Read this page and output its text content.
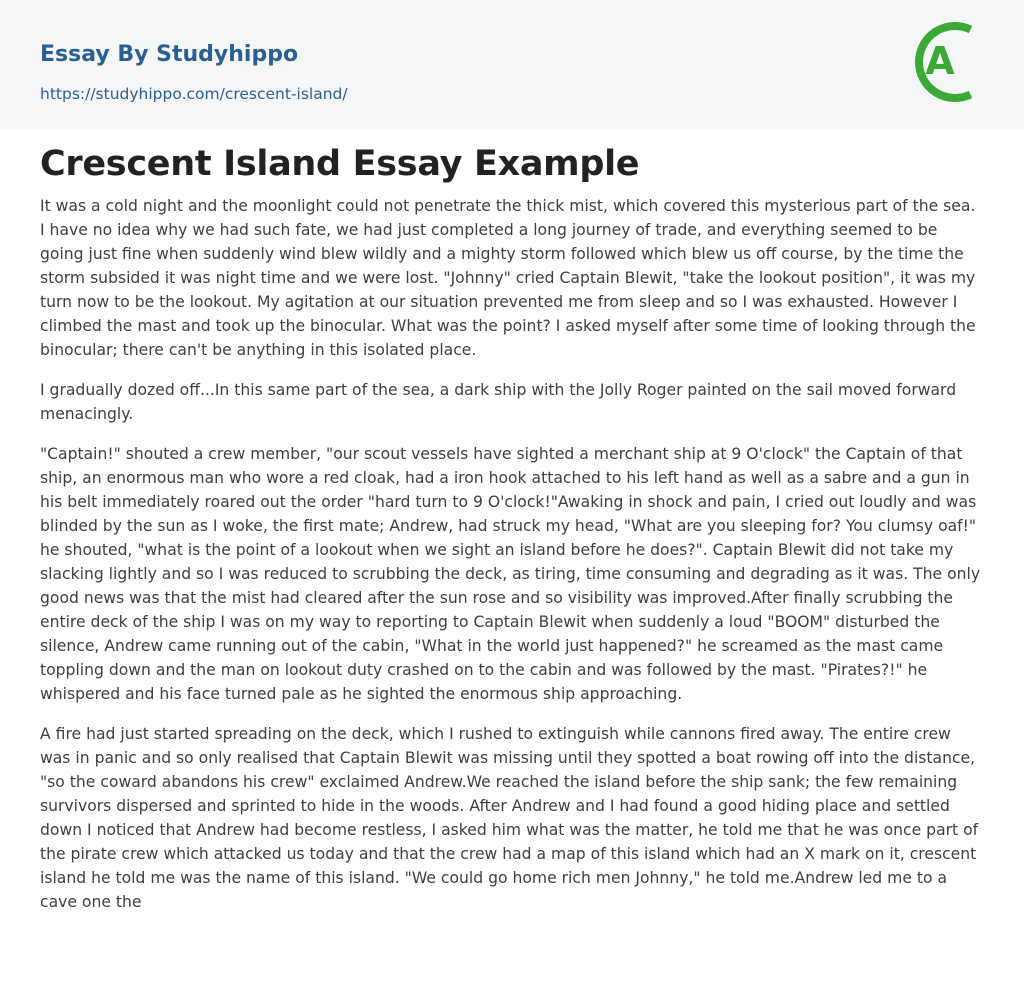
Essay By Studyhippo
https://studyhippo.com/crescent-island/
A
Crescent Island Essay Example

It was a cold night and the moonlight could not penetrate the thick mist, which covered this mysterious part of the sea. I have no idea why we had such fate, we had just completed a long journey of trade, and everything seemed to be going just fine when suddenly wind blew wildly and a mighty storm followed which blew us off course, by the time the storm subsided it was night time and we were lost. "Johnny" cried Captain Blewit, "take the lookout position", it was my turn now to be the lookout. My agitation at our situation prevented me from sleep and so I was exhausted. However I climbed the mast and took up the binocular. What was the point? I asked myself after some time of looking through the binocular; there can't be anything in this isolated place.

I gradually dozed off...In this same part of the sea, a dark ship with the Jolly Roger painted on the sail moved forward menacingly.

"Captain!" shouted a crew member, "our scout vessels have sighted a merchant ship at 9 O'clock" the Captain of that ship, an enormous man who wore a red cloak, had a iron hook attached to his left hand as well as a sabre and a gun in his belt immediately roared out the order "hard turn to 9 O'clock!"Awaking in shock and pain, I cried out loudly and was blinded by the sun as I woke, the first mate; Andrew, had struck my head, "What are you sleeping for? You clumsy oaf!" he shouted, "what is the point of a lookout when we sight an island before he does?". Captain Blewit did not take my slacking lightly and so I was reduced to scrubbing the deck, as tiring, time consuming and degrading as it was. The only good news was that the mist had cleared after the sun rose and so visibility was improved.After finally scrubbing the entire deck of the ship I was on my way to reporting to Captain Blewit when suddenly a loud "BOOM" disturbed the silence, Andrew came running out of the cabin, "What in the world just happened?" he screamed as the mast came toppling down and the man on lookout duty crashed on to the cabin and was followed by the mast. "Pirates?!" he whispered and his face turned pale as he sighted the enormous ship approaching.

A fire had just started spreading on the deck, which I rushed to extinguish while cannons fired away. The entire crew was in panic and so only realised that Captain Blewit was missing until they spotted a boat rowing off into the distance, "so the coward abandons his crew" exclaimed Andrew.We reached the island before the ship sank; the few remaining survivors dispersed and sprinted to hide in the woods. After Andrew and I had found a good hiding place and settled down I noticed that Andrew had become restless, I asked him what was the matter, he told me that he was once part of the pirate crew which attacked us today and that the crew had a map of this island which had an X mark on it, crescent island he told me was the name of this island. "We could go home rich men Johnny," he told me.Andrew led me to a cave one the
